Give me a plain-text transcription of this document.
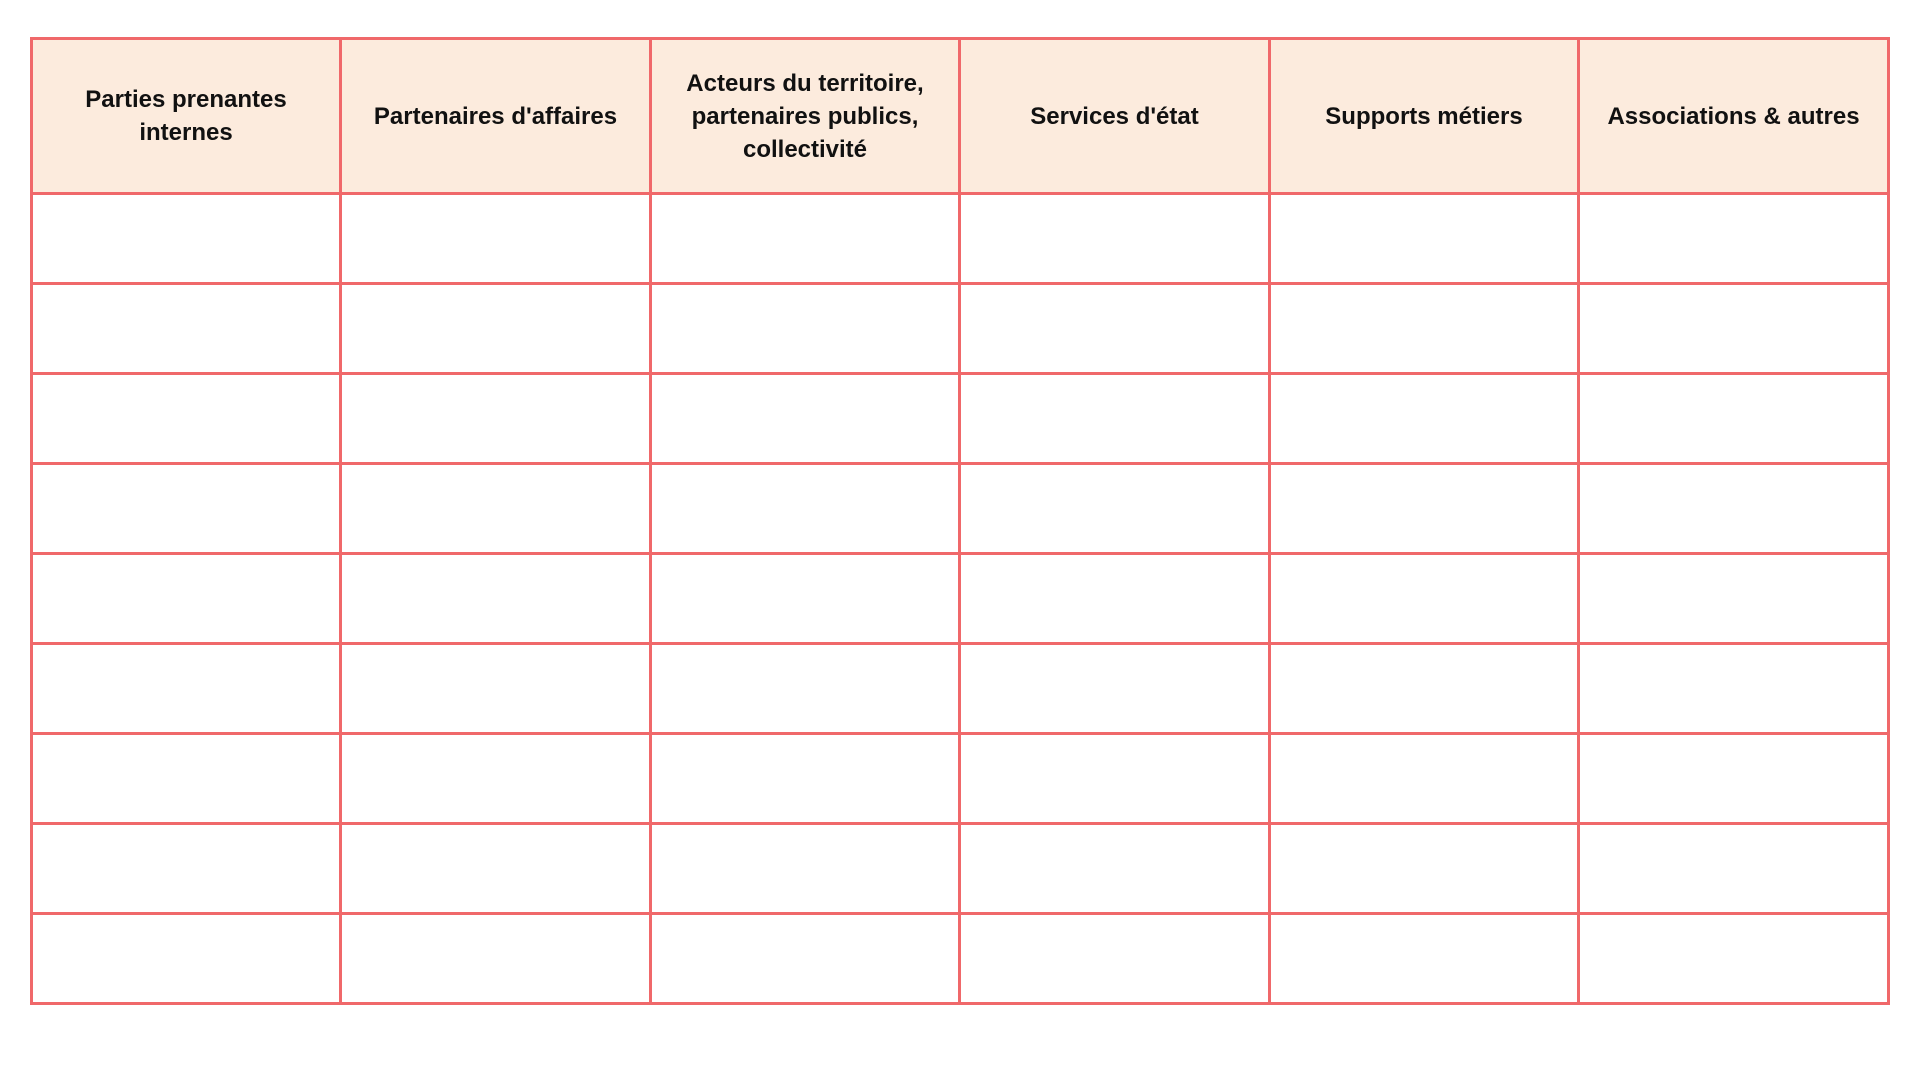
Parties prenantes internes	Partenaires d'affaires	Acteurs du territoire, partenaires publics, collectivité	Services d'état	Supports métiers	Associations & autres
